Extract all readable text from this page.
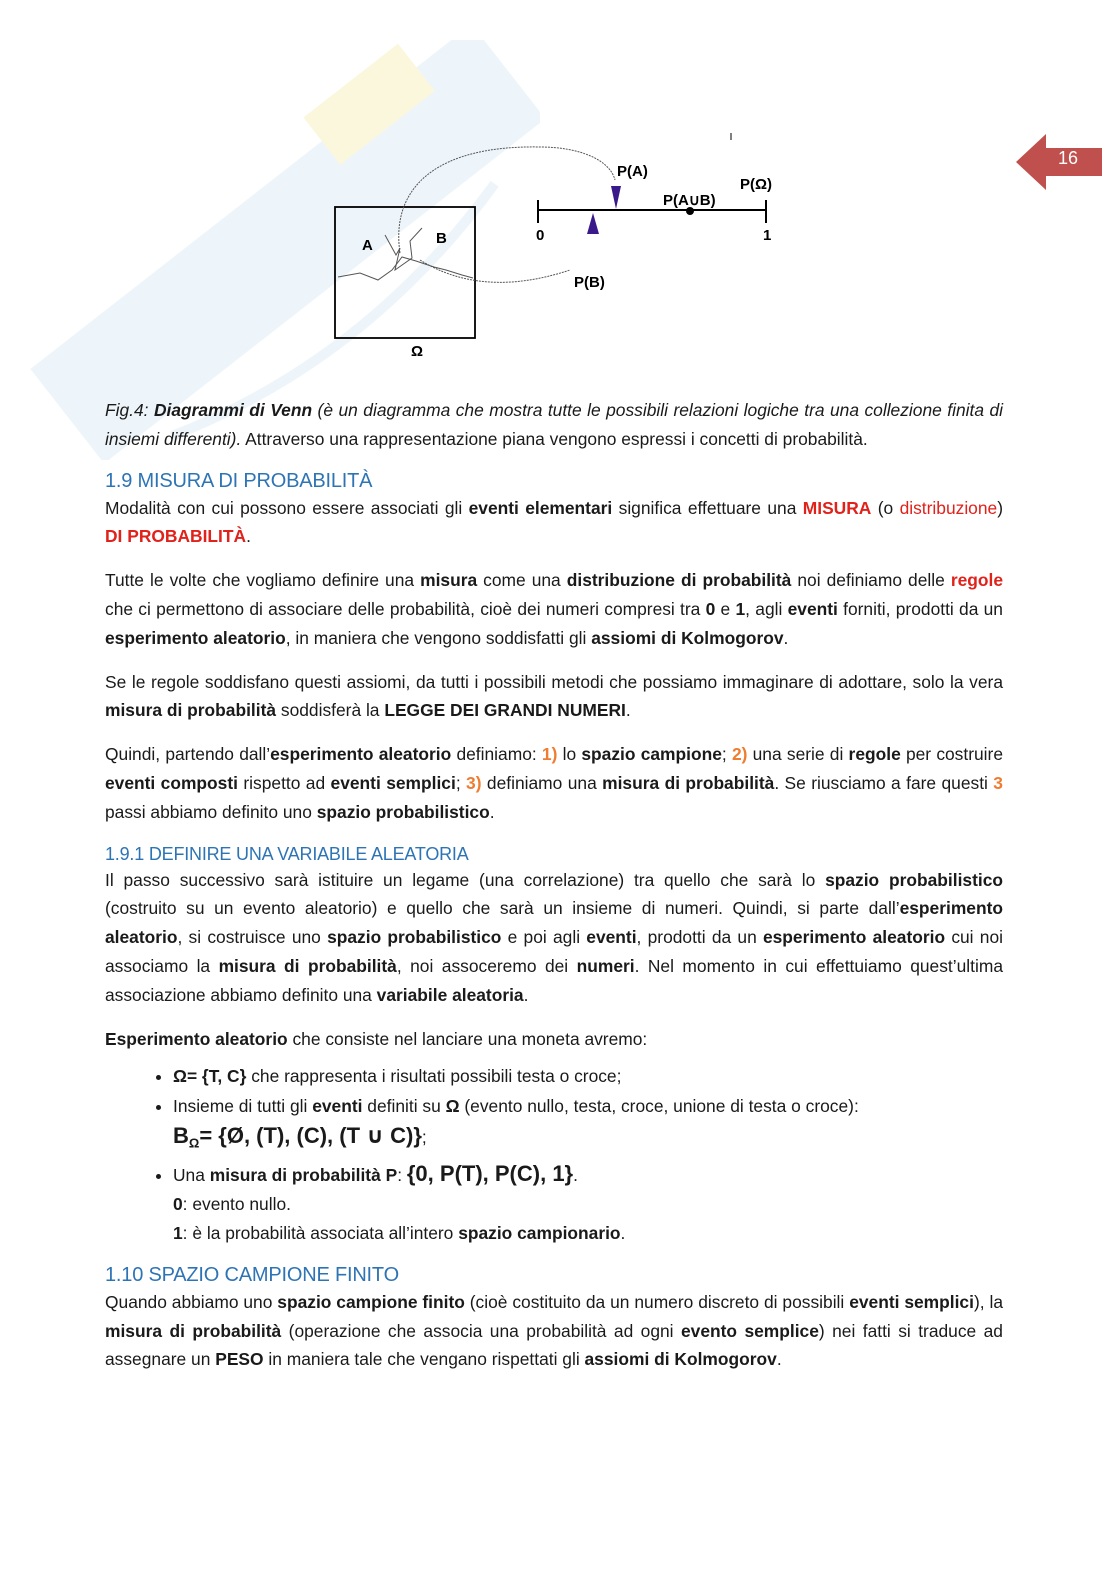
16
P(A)
P(Ω)
P(A∪B)
0	1
P(B)
A	B
Ω

Fig.4: Diagrammi di Venn (è un diagramma che mostra tutte le possibili relazioni logiche tra una collezione finita di insiemi differenti). Attraverso una rappresentazione piana vengono espressi i concetti di probabilità.

1.9 MISURA DI PROBABILITÀ

Modalità con cui possono essere associati gli eventi elementari significa effettuare una MISURA (o distribuzione) DI PROBABILITÀ.

Tutte le volte che vogliamo definire una misura come una distribuzione di probabilità noi definiamo delle regole che ci permettono di associare delle probabilità, cioè dei numeri compresi tra 0 e 1, agli eventi forniti, prodotti da un esperimento aleatorio, in maniera che vengono soddisfatti gli assiomi di Kolmogorov.

Se le regole soddisfano questi assiomi, da tutti i possibili metodi che possiamo immaginare di adottare, solo la vera misura di probabilità soddisferà la LEGGE DEI GRANDI NUMERI.

Quindi, partendo dall’esperimento aleatorio definiamo: 1) lo spazio campione; 2) una serie di regole per costruire eventi composti rispetto ad eventi semplici; 3) definiamo una misura di probabilità. Se riusciamo a fare questi 3 passi abbiamo definito uno spazio probabilistico.

1.9.1 DEFINIRE UNA VARIABILE ALEATORIA

Il passo successivo sarà istituire un legame (una correlazione) tra quello che sarà lo spazio probabilistico (costruito su un evento aleatorio) e quello che sarà un insieme di numeri. Quindi, si parte dall’esperimento aleatorio, si costruisce uno spazio probabilistico e poi agli eventi, prodotti da un esperimento aleatorio cui noi associamo la misura di probabilità, noi assoceremo dei numeri. Nel momento in cui effettuiamo quest’ultima associazione abbiamo definito una variabile aleatoria.

Esperimento aleatorio che consiste nel lanciare una moneta avremo:

• Ω= {T, C} che rappresenta i risultati possibili testa o croce;
• Insieme di tutti gli eventi definiti su Ω (evento nullo, testa, croce, unione di testa o croce):

$B_\Omega=$ {Ø, (T), (C), (T ∪ C)};
• Una misura di probabilità P: {0, P(T), P(C), 1}.
0: evento nullo.
1: è la probabilità associata all’intero spazio campionario.
1.10 SPAZIO CAMPIONE FINITO

Quando abbiamo uno spazio campione finito (cioè costituito da un numero discreto di possibili eventi semplici), la misura di probabilità (operazione che associa una probabilità ad ogni evento semplice) nei fatti si traduce ad assegnare un PESO in maniera tale che vengano rispettati gli assiomi di Kolmogorov.
